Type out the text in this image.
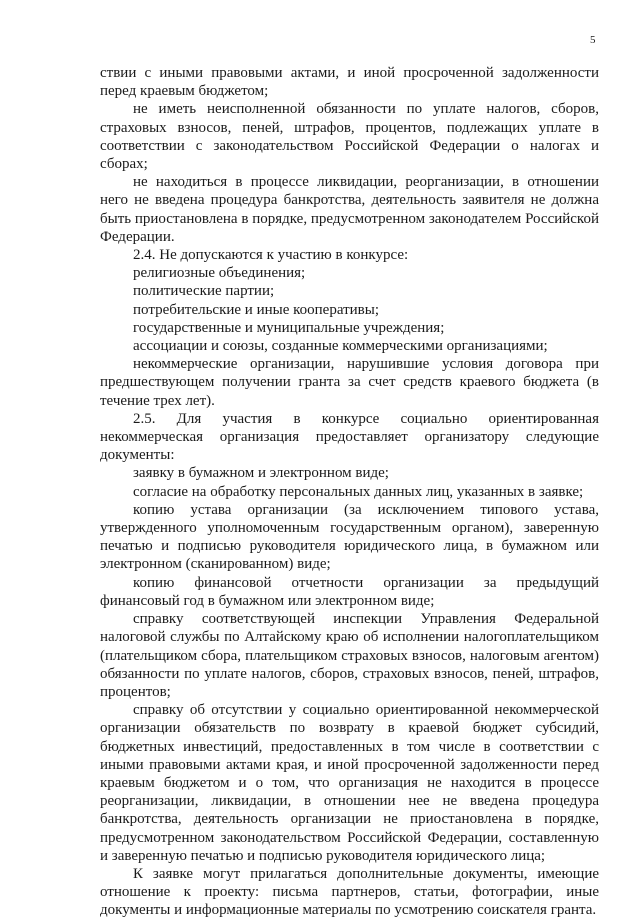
5

ствии с иными правовыми актами, и иной просроченной задолженности перед краевым бюджетом;

не иметь неисполненной обязанности по уплате налогов, сборов, страховых взносов, пеней, штрафов, процентов, подлежащих уплате в соответствии с законодательством Российской Федерации о налогах и сборах;

не находиться в процессе ликвидации, реорганизации, в отношении него не введена процедура банкротства, деятельность заявителя не должна быть приостановлена в порядке, предусмотренном законодателем Российской Федерации.

2.4. Не допускаются к участию в конкурсе:

религиозные объединения;

политические партии;

потребительские и иные кооперативы;

государственные и муниципальные учреждения;

ассоциации и союзы, созданные коммерческими организациями;

некоммерческие организации, нарушившие условия договора при предшествующем получении гранта за счет средств краевого бюджета (в течение трех лет).

2.5. Для участия в конкурсе социально ориентированная некоммерческая организация предоставляет организатору следующие документы:

заявку в бумажном и электронном виде;

согласие на обработку персональных данных лиц, указанных в заявке;

копию устава организации (за исключением типового устава, утвержденного уполномоченным государственным органом), заверенную печатью и подписью руководителя юридического лица, в бумажном или электронном (сканированном) виде;

копию финансовой отчетности организации за предыдущий финансовый год в бумажном или электронном виде;

справку соответствующей инспекции Управления Федеральной налоговой службы по Алтайскому краю об исполнении налогоплательщиком (плательщиком сбора, плательщиком страховых взносов, налоговым агентом) обязанности по уплате налогов, сборов, страховых взносов, пеней, штрафов, процентов;

справку об отсутствии у социально ориентированной некоммерческой организации обязательств по возврату в краевой бюджет субсидий, бюджетных инвестиций, предоставленных в том числе в соответствии с иными правовыми актами края, и иной просроченной задолженности перед краевым бюджетом и о том, что организация не находится в процессе реорганизации, ликвидации, в отношении нее не введена процедура банкротства, деятельность организации не приостановлена в порядке, предусмотренном законодательством Российской Федерации, составленную и заверенную печатью и подписью руководителя юридического лица;

К заявке могут прилагаться дополнительные документы, имеющие отношение к проекту: письма партнеров, статьи, фотографии, иные документы и информационные материалы по усмотрению соискателя гранта.
